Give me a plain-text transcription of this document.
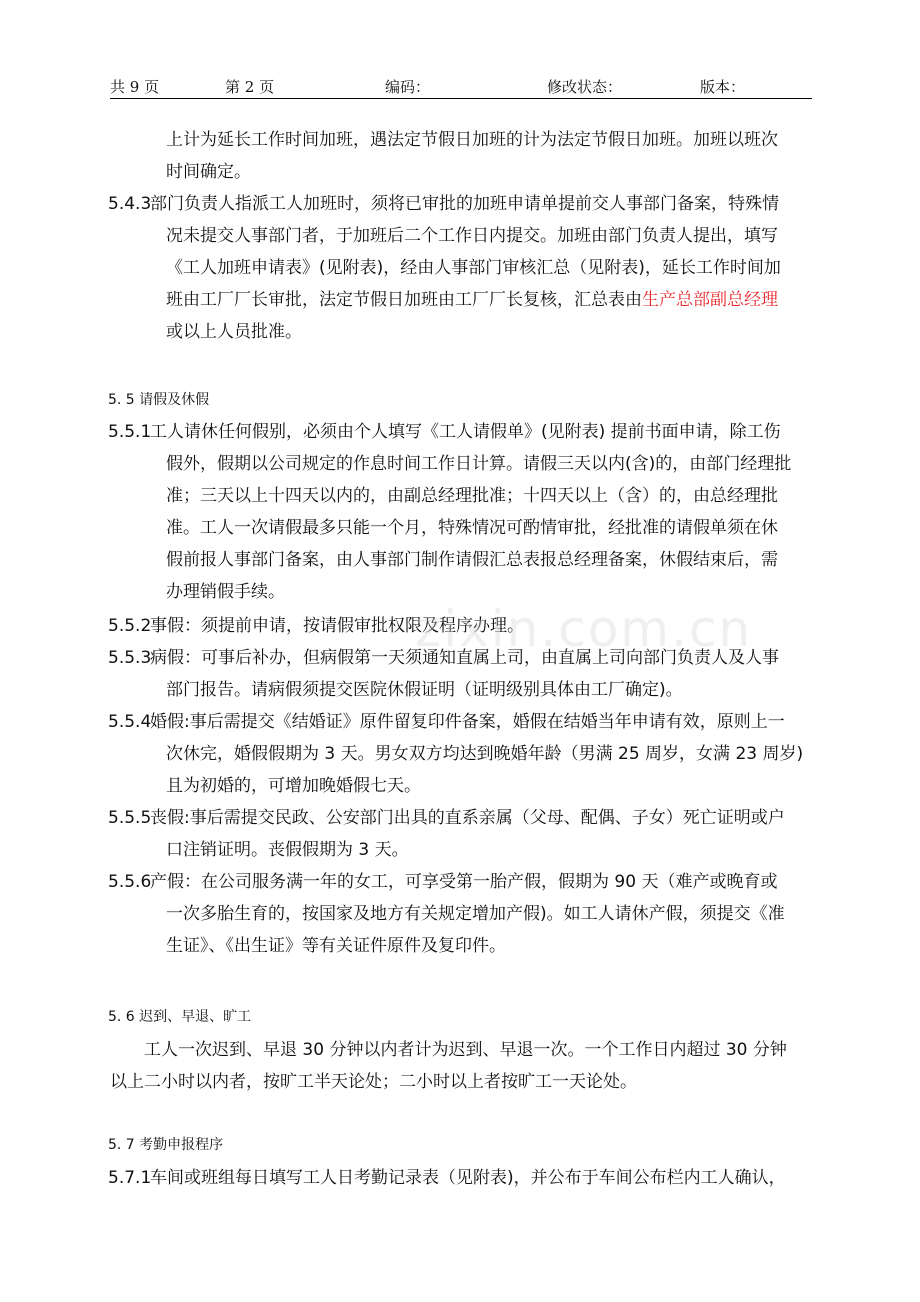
共 9 页	第 2 页	编码：	修改状态：	版本：
上计为延长工作时间加班，遇法定节假日加班的计为法定节假日加班。加班以班次
时间确定。
5.4.3
部门负责人指派工人加班时，须将已审批的加班申请单提前交人事部门备案，特殊情
况未提交人事部门者，于加班后二个工作日内提交。加班由部门负责人提出，填写
《工人加班申请表》(见附表)，经由人事部门审核汇总（见附表)，延长工作时间加
班由工厂厂长审批，法定节假日加班由工厂厂长复核，汇总表由生产总部副总经理
或以上人员批准。
5. 5 请假及休假
5.5.1
工人请休任何假别，必须由个人填写《工人请假单》(见附表) 提前书面申请，除工伤
假外，假期以公司规定的作息时间工作日计算。请假三天以内(含)的，由部门经理批
准；三天以上十四天以内的，由副总经理批准；十四天以上（含）的，由总经理批
准。工人一次请假最多只能一个月，特殊情况可酌情审批，经批准的请假单须在休
假前报人事部门备案，由人事部门制作请假汇总表报总经理备案，休假结束后，需
办理销假手续。
5.5.2
事假：须提前申请，按请假审批权限及程序办理。
5.5.3
病假：可事后补办，但病假第一天须通知直属上司，由直属上司向部门负责人及人事
部门报告。请病假须提交医院休假证明（证明级别具体由工厂确定)。
5.5.4
婚假:事后需提交《结婚证》原件留复印件备案，婚假在结婚当年申请有效，原则上一
次休完，婚假假期为 3 天。男女双方均达到晚婚年龄（男满 25 周岁，女满 23 周岁)
且为初婚的，可增加晚婚假七天。
5.5.5
丧假:事后需提交民政、公安部门出具的直系亲属（父母、配偶、子女）死亡证明或户
口注销证明。丧假假期为 3 天。
5.5.6
产假：在公司服务满一年的女工，可享受第一胎产假，假期为 90 天（难产或晚育或
一次多胎生育的，按国家及地方有关规定增加产假)。如工人请休产假，须提交《准
生证》、《出生证》等有关证件原件及复印件。
5. 6 迟到、早退、旷工
工人一次迟到、早退 30 分钟以内者计为迟到、早退一次。一个工作日内超过 30 分钟
以上二小时以内者，按旷工半天论处；二小时以上者按旷工一天论处。
5. 7 考勤申报程序
5.7.1
车间或班组每日填写工人日考勤记录表（见附表)，并公布于车间公布栏内工人确认，
zixin.com.cn
